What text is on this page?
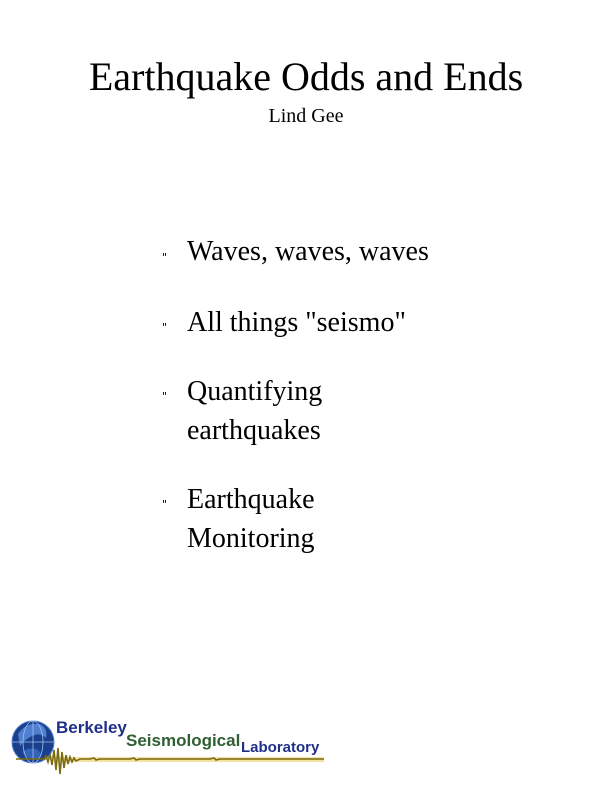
Earthquake Odds and Ends
Lind Gee
" Waves, waves, waves
" All things "seismo"
" Quantifying
earthquakes
" Earthquake
Monitoring
Berkeley
Seismological Laboratory
